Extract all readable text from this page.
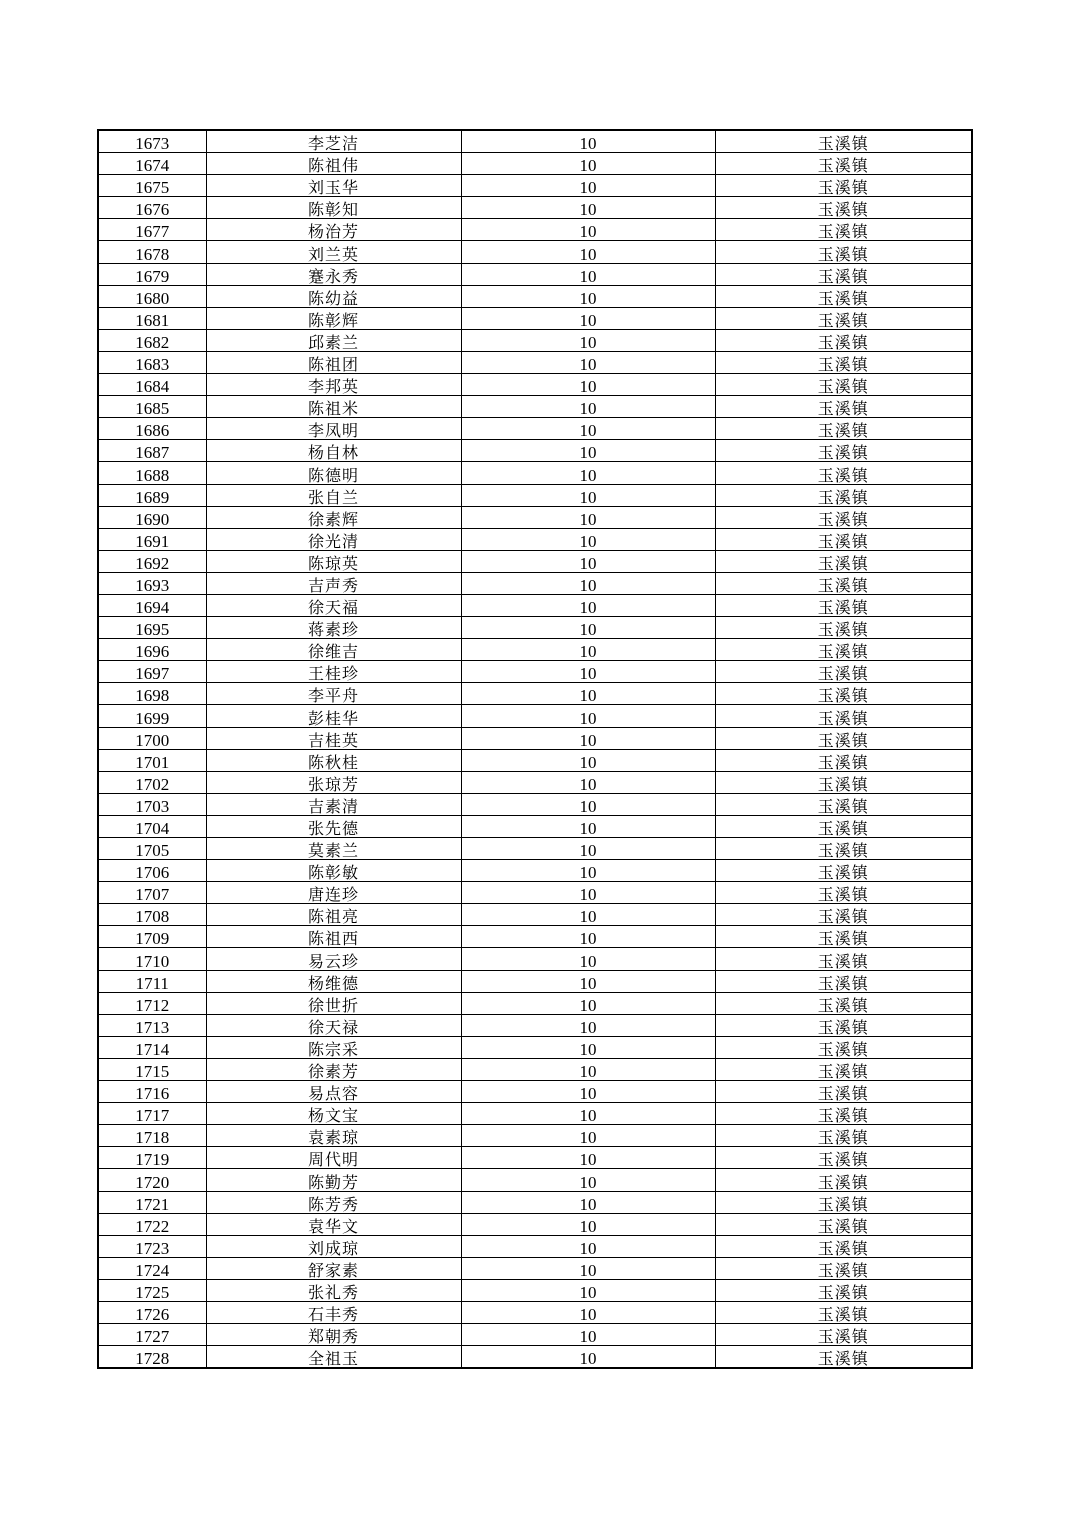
1673	李芝洁	10	玉溪镇
1674	陈祖伟	10	玉溪镇
1675	刘玉华	10	玉溪镇
1676	陈彰知	10	玉溪镇
1677	杨治芳	10	玉溪镇
1678	刘兰英	10	玉溪镇
1679	蹇永秀	10	玉溪镇
1680	陈幼益	10	玉溪镇
1681	陈彰辉	10	玉溪镇
1682	邱素兰	10	玉溪镇
1683	陈祖团	10	玉溪镇
1684	李邦英	10	玉溪镇
1685	陈祖米	10	玉溪镇
1686	李凤明	10	玉溪镇
1687	杨自林	10	玉溪镇
1688	陈德明	10	玉溪镇
1689	张自兰	10	玉溪镇
1690	徐素辉	10	玉溪镇
1691	徐光清	10	玉溪镇
1692	陈琼英	10	玉溪镇
1693	吉声秀	10	玉溪镇
1694	徐天福	10	玉溪镇
1695	蒋素珍	10	玉溪镇
1696	徐维吉	10	玉溪镇
1697	王桂珍	10	玉溪镇
1698	李平舟	10	玉溪镇
1699	彭桂华	10	玉溪镇
1700	吉桂英	10	玉溪镇
1701	陈秋桂	10	玉溪镇
1702	张琼芳	10	玉溪镇
1703	吉素清	10	玉溪镇
1704	张先德	10	玉溪镇
1705	莫素兰	10	玉溪镇
1706	陈彰敏	10	玉溪镇
1707	唐连珍	10	玉溪镇
1708	陈祖亮	10	玉溪镇
1709	陈祖西	10	玉溪镇
1710	易云珍	10	玉溪镇
1711	杨维德	10	玉溪镇
1712	徐世折	10	玉溪镇
1713	徐天禄	10	玉溪镇
1714	陈宗采	10	玉溪镇
1715	徐素芳	10	玉溪镇
1716	易点容	10	玉溪镇
1717	杨文宝	10	玉溪镇
1718	袁素琼	10	玉溪镇
1719	周代明	10	玉溪镇
1720	陈勤芳	10	玉溪镇
1721	陈芳秀	10	玉溪镇
1722	袁华文	10	玉溪镇
1723	刘成琼	10	玉溪镇
1724	舒家素	10	玉溪镇
1725	张礼秀	10	玉溪镇
1726	石丰秀	10	玉溪镇
1727	郑朝秀	10	玉溪镇
1728	全祖玉	10	玉溪镇
